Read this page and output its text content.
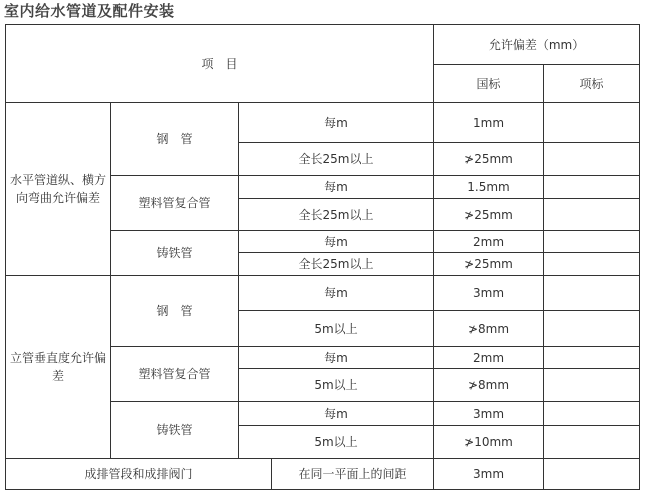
室内给水管道及配件安装
项　目				允许偏差（mm）	
				国标	项标
水平管道纵、横方向弯曲允许偏差	钢　管	每m		1mm	
		全长25m以上		≯25mm	
	塑料管复合管	每m		1.5mm	
		全长25m以上		≯25mm	
	铸铁管	每m		2mm	
		全长25m以上		≯25mm	
立管垂直度允许偏差	钢　管	每m		3mm	
		5m以上		≯8mm	
	塑料管复合管	每m		2mm	
		5m以上		≯8mm	
	铸铁管	每m		3mm	
		5m以上		≯10mm	
成排管段和成排阀门			在同一平面上的间距	3mm	
